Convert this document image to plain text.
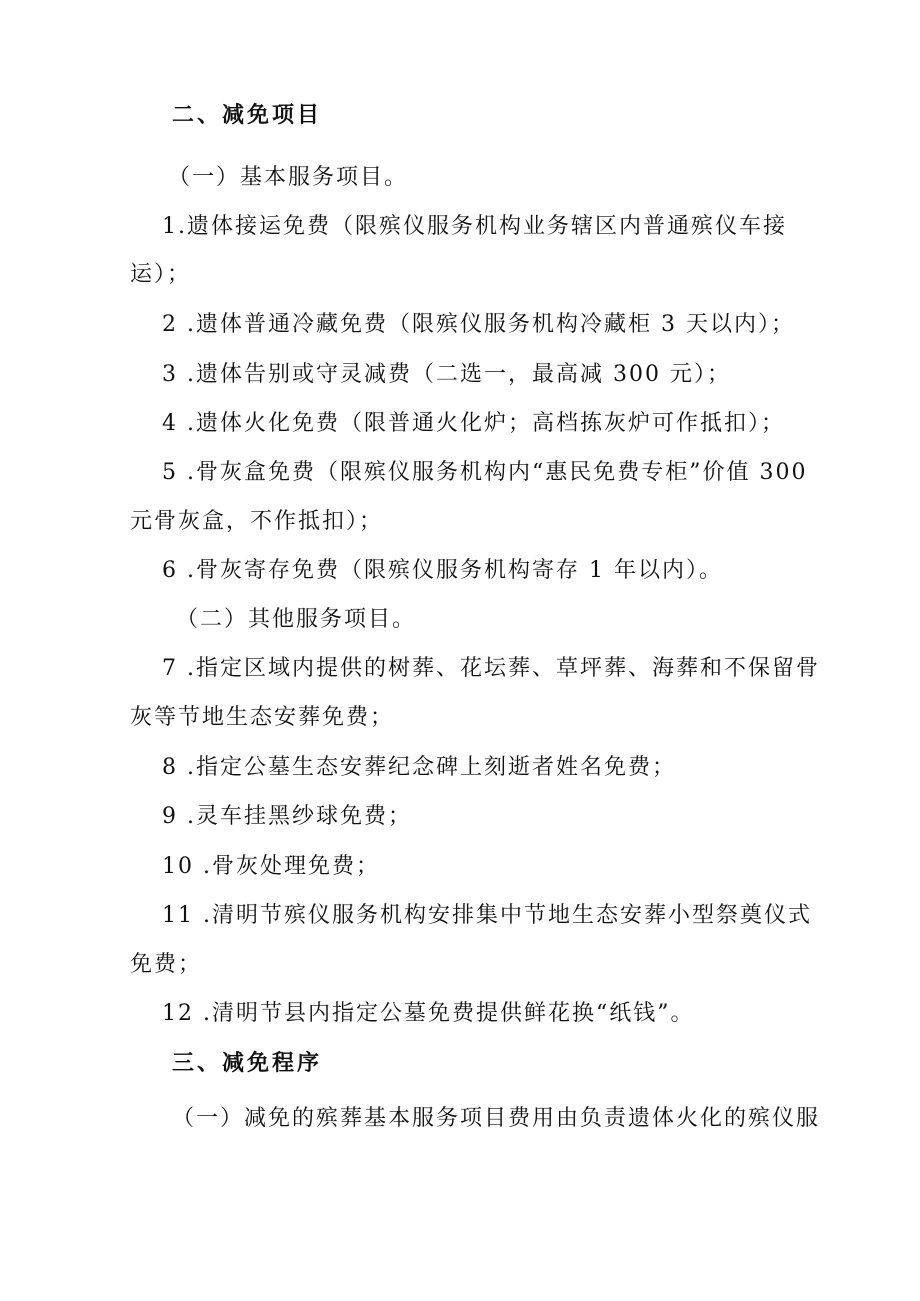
二、减免项目
（一）基本服务项目。
1.遗体接运免费（限殡仪服务机构业务辖区内普通殡仪车接
运）；
2 .遗体普通冷藏免费（限殡仪服务机构冷藏柜 3 天以内）；
3 .遗体告别或守灵减费（二选一，最高减 300 元）；
4 .遗体火化免费（限普通火化炉；高档拣灰炉可作抵扣）；
5 .骨灰盒免费（限殡仪服务机构内“惠民免费专柜”价值 300
元骨灰盒，不作抵扣）；
6 .骨灰寄存免费（限殡仪服务机构寄存 1 年以内）。
（二）其他服务项目。
7 .指定区域内提供的树葬、花坛葬、草坪葬、海葬和不保留骨
灰等节地生态安葬免费；
8 .指定公墓生态安葬纪念碑上刻逝者姓名免费；
9 .灵车挂黑纱球免费；
10 .骨灰处理免费；
11 .清明节殡仪服务机构安排集中节地生态安葬小型祭奠仪式
免费；
12 .清明节县内指定公墓免费提供鲜花换“纸钱”。
三、减免程序
（一）减免的殡葬基本服务项目费用由负责遗体火化的殡仪服
